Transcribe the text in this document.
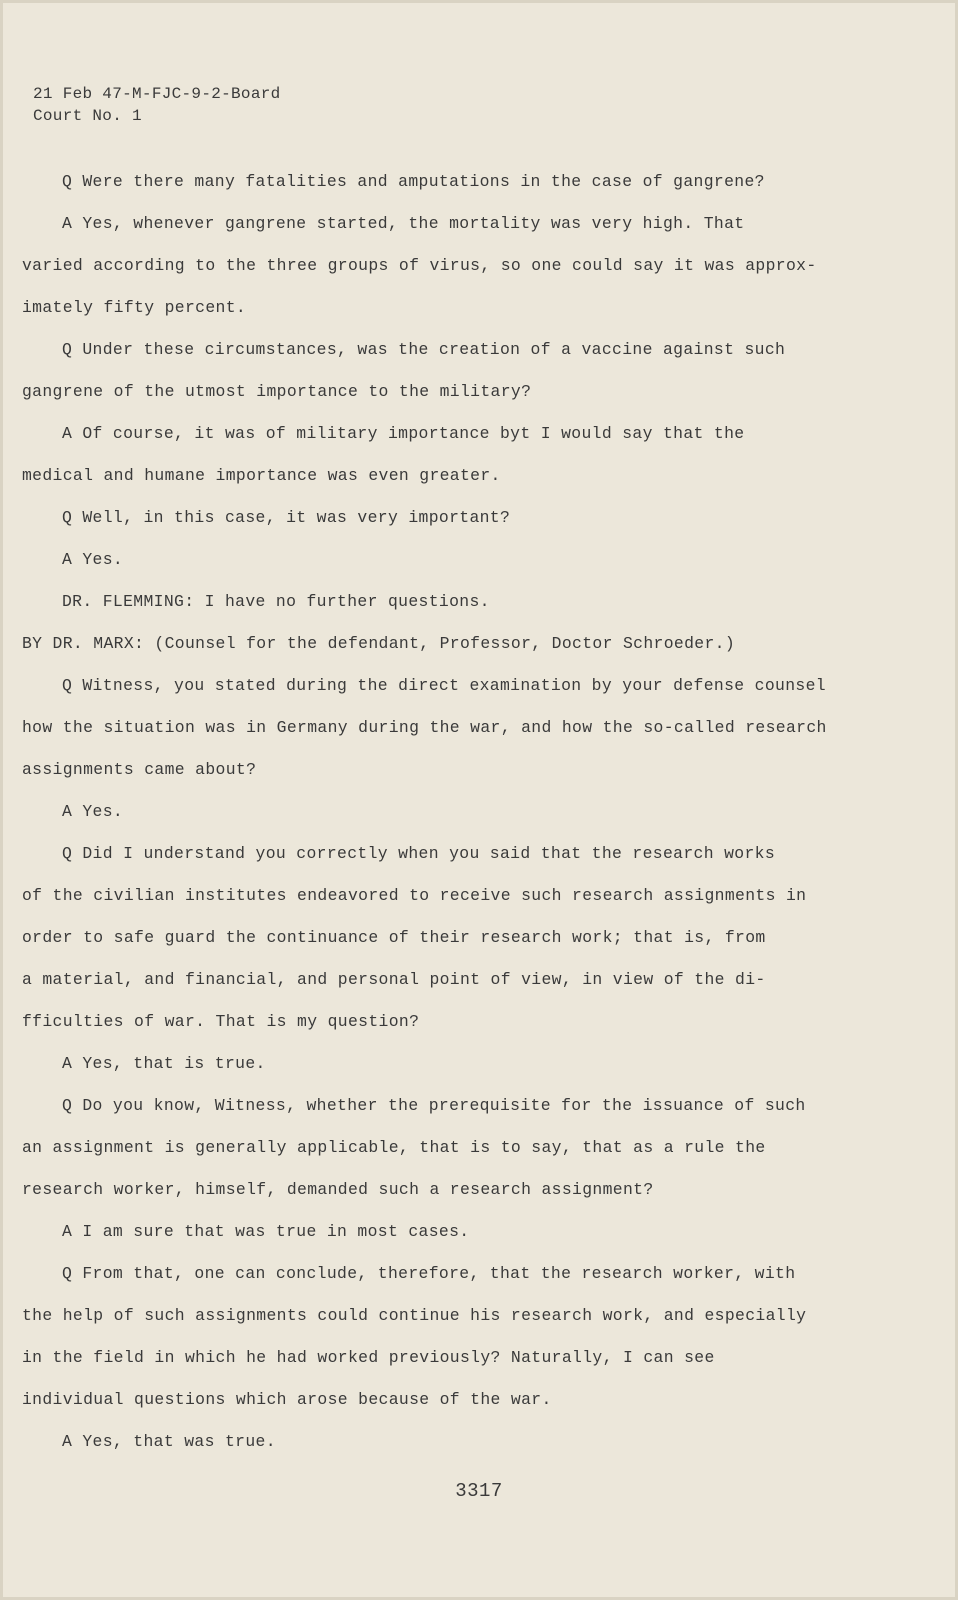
21 Feb 47-M-FJC-9-2-Board
Court No. 1
Q Were there many fatalities and amputations in the case of gangrene?
A Yes, whenever gangrene started, the mortality was very high. That
varied according to the three groups of virus, so one could say it was approx-
imately fifty percent.
Q Under these circumstances, was the creation of a vaccine against such
gangrene of the utmost importance to the military?
A Of course, it was of military importance byt I would say that the
medical and humane importance was even greater.
Q Well, in this case, it was very important?
A Yes.
DR. FLEMMING: I have no further questions.
BY DR. MARX: (Counsel for the defendant, Professor, Doctor Schroeder.)
Q Witness, you stated during the direct examination by your defense counsel
how the situation was in Germany during the war, and how the so-called research
assignments came about?
A Yes.
Q Did I understand you correctly when you said that the research works
of the civilian institutes endeavored to receive such research assignments in
order to safe guard the continuance of their research work; that is, from
a material, and financial, and personal point of view, in view of the di-
fficulties of war. That is my question?
A Yes, that is true.
Q Do you know, Witness, whether the prerequisite for the issuance of such
an assignment is generally applicable, that is to say, that as a rule the
research worker, himself, demanded such a research assignment?
A I am sure that was true in most cases.
Q From that, one can conclude, therefore, that the research worker, with
the help of such assignments could continue his research work, and especially
in the field in which he had worked previously? Naturally, I can see
individual questions which arose because of the war.
A Yes, that was true.
3317
